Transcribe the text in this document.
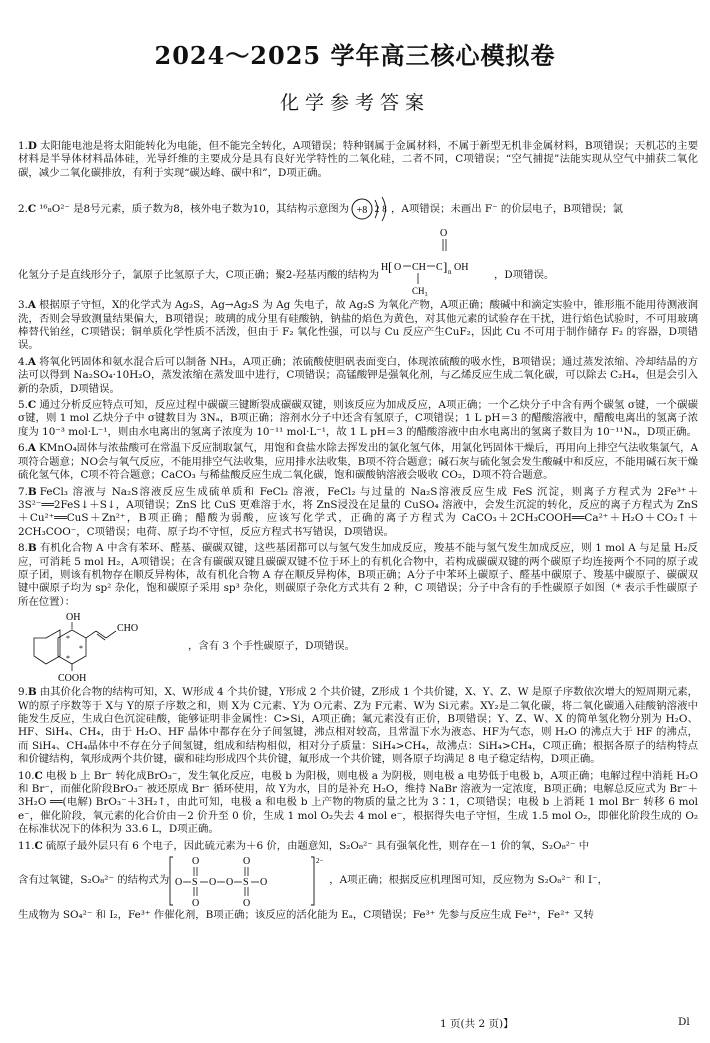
2024～2025 学年高三核心模拟卷
化学参考答案

1.D 太阳能电池是将太阳能转化为电能，但不能完全转化，A项错误；特种钢属于金属材料，不属于新型无机非金属材料，B项错误；天机芯的主要材料是半导体材料晶体硅，光导纤维的主要成分是具有良好光学特性的二氧化硅，二者不同，C项错误；“空气捕捉”法能实现从空气中捕获二氧化碳，减少二氧化碳排放，有利于实现“碳达峰、碳中和”，D项正确。

2. C ¹⁶₈O²⁻ 是8号元素，质子数为8，核外电子数为10，其结构示意图为 +8 2 8 ，A项错误；未画出 F⁻ 的价层电子，B项错误；氯
O
化氢分子是直线形分子，氯原子比氢原子大，C项正确；聚2-羟基丙酸的结构为
H [ O CH
CH₃
C ] n OH
，D项错误。

3.A 根据原子守恒，X的化学式为 Ag₂S，Ag→Ag₂S 为 Ag 失电子，故 Ag₂S 为氧化产物，A项正确；酸碱中和滴定实验中，锥形瓶不能用待测液润洗，否则会导致测量结果偏大，B项错误；玻璃的成分里有硅酸钠，钠盐的焰色为黄色，对其他元素的试验存在干扰，进行焰色试验时，不可用玻璃棒替代铂丝，C项错误；铜单质化学性质不活泼，但由于 F₂ 氧化性强，可以与 Cu 反应产生CuF₂，因此 Cu 不可用于制作储存 F₂ 的容器，D项错误。

4.A 将氧化钙固体和氨水混合后可以制备 NH₃，A项正确；浓硫酸使胆矾表面变白，体现浓硫酸的吸水性，B项错误；通过蒸发浓缩、冷却结晶的方法可以得到 Na₂SO₄·10H₂O，蒸发浓缩在蒸发皿中进行，C项错误；高锰酸钾是强氧化剂，与乙烯反应生成二氧化碳，可以除去 C₂H₄，但是会引入新的杂质，D项错误。

5.C 通过分析反应特点可知，反应过程中碳碳三键断裂成碳碳双键，则该反应为加成反应，A项正确；一个乙炔分子中含有两个碳氢 σ键，一个碳碳 σ键，则 1 mol 乙炔分子中 σ键数目为 3Nₐ，B项正确；溶剂水分子中还含有氢原子，C项错误；1 L pH＝3 的醋酸溶液中，醋酸电离出的氢离子浓度为 10⁻³ mol·L⁻¹，则由水电离出的氢离子浓度为 10⁻¹¹ mol·L⁻¹，故 1 L pH＝3 的醋酸溶液中由水电离出的氢离子数目为 10⁻¹¹Nₐ，D项正确。

6.A KMnO₄固体与浓盐酸可在常温下反应制取氯气，用饱和食盐水除去挥发出的氯化氢气体，用氯化钙固体干燥后，再用向上排空气法收集氯气，A项符合题意；NO会与氧气反应，不能用排空气法收集，应用排水法收集，B项不符合题意；碱石灰与硫化氢会发生酸碱中和反应，不能用碱石灰干燥硫化氢气体，C项不符合题意；CaCO₃ 与稀盐酸反应生成二氧化碳，饱和碳酸钠溶液会吸收 CO₂，D项不符合题意。

7.B FeCl₃ 溶液与 Na₂S溶液反应生成硫单质和 FeCl₂ 溶液，FeCl₂ 与过量的 Na₂S溶液反应生成 FeS 沉淀，则离子方程式为 2Fe³⁺＋3S²⁻══2FeS↓＋S↓，A项错误；ZnS 比 CuS 更难溶于水，将 ZnS浸没在足量的 CuSO₄ 溶液中，会发生沉淀的转化，反应的离子方程式为 ZnS＋Cu²⁺══CuS＋Zn²⁺，B项正确；醋酸为弱酸，应该写化学式，正确的离子方程式为 CaCO₃＋2CH₃COOH══Ca²⁺＋H₂O＋CO₂↑＋2CH₃COO⁻，C项错误；电荷、原子均不守恒，反应方程式书写错误，D项错误。

8.B 有机化合物 A 中含有苯环、醛基、碳碳双键，这些基团都可以与氢气发生加成反应，羧基不能与氢气发生加成反应，则 1 mol A 与足量 H₂反应，可消耗 5 mol H₂，A项错误；在含有碳碳双键且碳碳双键不位于环上的有机化合物中，若构成碳碳双键的两个碳原子均连接两个不同的原子或原子团，则该有机物存在顺反异构体，故有机化合物 A 存在顺反异构体，B项正确；A分子中苯环上碳原子、醛基中碳原子、羧基中碳原子、碳碳双键中碳原子均为 sp² 杂化，饱和碳原子采用 sp³ 杂化，则碳原子杂化方式共有 2 种，C 项错误；分子中含有的手性碳原子如图（* 表示手性碳原子所在位置）：
OH
*
*
*
CHO
COOH
，含有 3 个手性碳原子，D项错误。

9.B 由其价化合物的结构可知，X、W形成 4 个共价键，Y形成 2 个共价键，Z形成 1 个共价键，X、Y、Z、W 是原子序数依次增大的短周期元素，W的原子序数等于 X与 Y的原子序数之和，则 X为 C元素、Y为 O元素、Z为 F元素、W为 Si元素。XY₂是二氧化碳，将二氧化碳通入硅酸钠溶液中能发生反应，生成白色沉淀硅酸，能够证明非金属性：C>Si，A项正确；氟元素没有正价，B项错误；Y、Z、W、X 的简单氢化物分别为 H₂O、HF、SiH₄、CH₄，由于 H₂O、HF 晶体中都存在分子间氢键，沸点相对较高，且常温下水为液态、HF为气态，则 H₂O 的沸点大于 HF 的沸点，而 SiH₄、CH₄晶体中不存在分子间氢键，组成和结构相似，相对分子质量：SiH₄>CH₄，故沸点：SiH₄>CH₄，C项正确；根据各原子的结构特点和价键结构，氧形成两个共价键，碳和硅均形成四个共价键，氟形成一个共价键，则各原子均满足 8 电子稳定结构，D项正确。

10.C 电极 b 上 Br⁻ 转化成BrO₃⁻，发生氧化反应，电极 b 为阳极，则电极 a 为阴极，则电极 a 电势低于电极 b，A项正确；电解过程中消耗 H₂O 和 Br⁻，而催化阶段BrO₃⁻ 被还原成 Br⁻ 循环使用，故 Y为水，目的是补充 H₂O，维持 NaBr 溶液为一定浓度，B项正确；电解总反应式为 Br⁻＋3H₂O ══(电解) BrO₃⁻＋3H₂↑，由此可知，电极 a 和电极 b 上产物的物质的量之比为 3∶1，C项错误；电极 b 上消耗 1 mol Br⁻ 转移 6 mol e⁻，催化阶段，氧元素的化合价由－2 价升至 0 价，生成 1 mol O₂失去 4 mol e⁻，根据得失电子守恒，生成 1.5 mol O₂，即催化阶段生成的 O₂ 在标准状况下的体积为 33.6 L，D项正确。

11.C 硫原子最外层只有 6 个电子，因此硫元素为＋6 价，由题意知，S₂O₈²⁻ 具有强氧化性，则存在－1 价的氧，S₂O₈²⁻ 中
含有过氧键，S₂O₈²⁻ 的结构式为
2−
O S
O
O
O O S
O
O
O	，A项正确；根据反应机理图可知，反应物为 S₂O₈²⁻ 和 I⁻，
生成物为 SO₄²⁻ 和 I₂，Fe³⁺ 作催化剂，B项正确；该反应的活化能为 Eₐ，C项错误；Fe³⁺ 先参与反应生成 Fe²⁺，Fe²⁺ 又转
1 页(共 2 页)】	Dl
